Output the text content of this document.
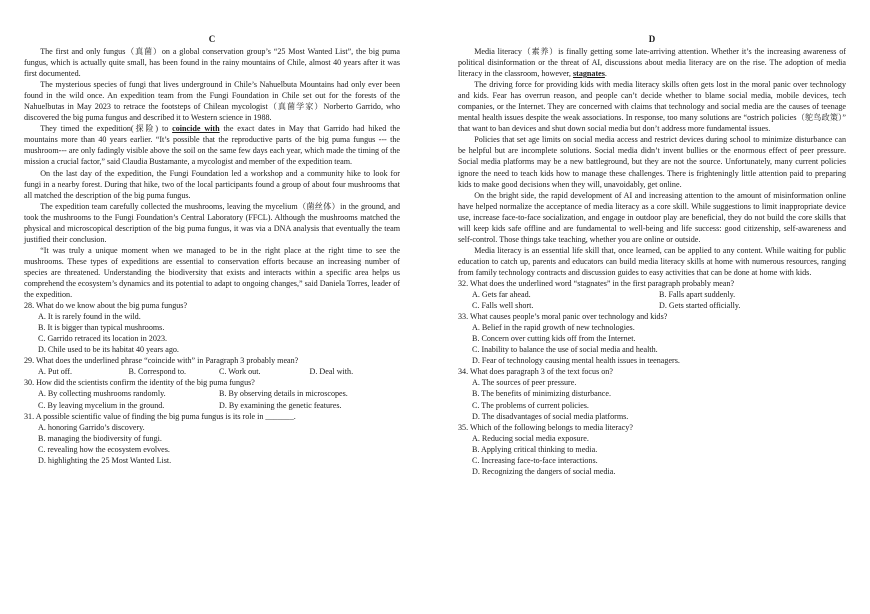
C

The first and only fungus（真菌）on a global conservation group’s “25 Most Wanted List”, the big puma fungus, which is actually quite small, has been found in the rainy mountains of Chile, almost 40 years after it was first documented.

The mysterious species of fungi that lives underground in Chile’s Nahuelbuta Mountains had only ever been found in the wild once. An expedition team from the Fungi Foundation in Chile set out for the forests of the Nahuelbutas in May 2023 to retrace the footsteps of Chilean mycologist（真菌学家）Norberto Garrido, who discovered the big puma fungus and described it to Western science in 1988.

They timed the expedition(探险) to coincide with the exact dates in May that Garrido had hiked the mountains more than 40 years earlier. “It’s possible that the reproductive parts of the big puma fungus --- the mushroom--- are only fadingly visible above the soil on the same few days each year, which made the timing of the mission a crucial factor,” said Claudia Bustamante, a mycologist and member of the expedition team.

On the last day of the expedition, the Fungi Foundation led a workshop and a community hike to look for fungi in a nearby forest. During that hike, two of the local participants found a group of about four mushrooms that all matched the description of the big puma fungus.

The expedition team carefully collected the mushrooms, leaving the mycelium（菌丝体）in the ground, and took the mushrooms to the Fungi Foundation’s Central Laboratory (FFCL). Although the mushrooms matched the physical and microscopical description of the big puma fungus, it was via a DNA analysis that eventually the team justified their conclusion.

“It was truly a unique moment when we managed to be in the right place at the right time to see the mushrooms. These types of expeditions are essential to conservation efforts because an increasing number of species are threatened. Understanding the biodiversity that exists and interacts within a specific area helps us comprehend the ecosystem’s dynamics and its potential to adapt to ongoing changes,” said Daniela Torres, leader of the expedition.

28. What do we know about the big puma fungus?
A. It is rarely found in the wild.
B. It is bigger than typical mushrooms.
C. Garrido retraced its location in 2023.
D. Chile used to be its habitat 40 years ago.
29. What does the underlined phrase “coincide with” in Paragraph 3 probably mean?
A. Put off.	B. Correspond to.	C. Work out.	D. Deal with.
30. How did the scientists confirm the identity of the big puma fungus?
A. By collecting mushrooms randomly.	B. By observing details in microscopes.
C. By leaving mycelium in the ground.	D. By examining the genetic features.
31. A possible scientific value of finding the big puma fungus is its role in _______.
A. honoring Garrido’s discovery.
B. managing the biodiversity of fungi.
C. revealing how the ecosystem evolves.
D. highlighting the 25 Most Wanted List.
D

Media literacy（素养）is finally getting some late-arriving attention. Whether it’s the increasing awareness of political disinformation or the threat of AI, discussions about media literacy are on the rise. The adoption of media literacy in the classroom, however, stagnates.

The driving force for providing kids with media literacy skills often gets lost in the moral panic over technology and kids. Fear has overrun reason, and people can’t decide whether to blame social media, mobile devices, tech companies, or the Internet. They are concerned with claims that technology and social media are the causes of teenage mental health issues despite the weak associations. In response, too many solutions are “ostrich policies（鸵鸟政策）” that want to ban devices and shut down social media but don’t address more fundamental issues.

Policies that set age limits on social media access and restrict devices during school to minimize disturbance can be helpful but are incomplete solutions. Social media didn’t invent bullies or the enormous effect of peer pressure. Social media platforms may be a new battleground, but they are not the source. Unfortunately, many current policies ignore the need to teach kids how to manage these challenges. There is frighteningly little attention paid to preparing kids to make good decisions when they will, unavoidably, get online.

On the bright side, the rapid development of AI and increasing attention to the amount of misinformation online have helped normalize the acceptance of media literacy as a core skill. While suggestions to limit inappropriate device use, increase face-to-face socialization, and engage in outdoor play are beneficial, they do not build the core skills that will keep kids safe offline and are fundamental to well-being and life success: good citizenship, self-awareness and self-control. Those things take teaching, whether you are online or outside.

Media literacy is an essential life skill that, once learned, can be applied to any content. While waiting for public education to catch up, parents and educators can build media literacy skills at home with numerous resources, ranging from family technology contracts and discussion guides to easy activities that can be done at home with kids.

32. What does the underlined word “stagnates” in the first paragraph probably mean?
A. Gets far ahead.	B. Falls apart suddenly.
C. Falls well short.	D. Gets started officially.
33. What causes people’s moral panic over technology and kids?
A. Belief in the rapid growth of new technologies.
B. Concern over cutting kids off from the Internet.
C. Inability to balance the use of social media and health.
D. Fear of technology causing mental health issues in teenagers.
34. What does paragraph 3 of the text focus on?
A. The sources of peer pressure.
B. The benefits of minimizing disturbance.
C. The problems of current policies.
D. The disadvantages of social media platforms.
35. Which of the following belongs to media literacy?
A. Reducing social media exposure.
B. Applying critical thinking to media.
C. Increasing face-to-face interactions.
D. Recognizing the dangers of social media.
